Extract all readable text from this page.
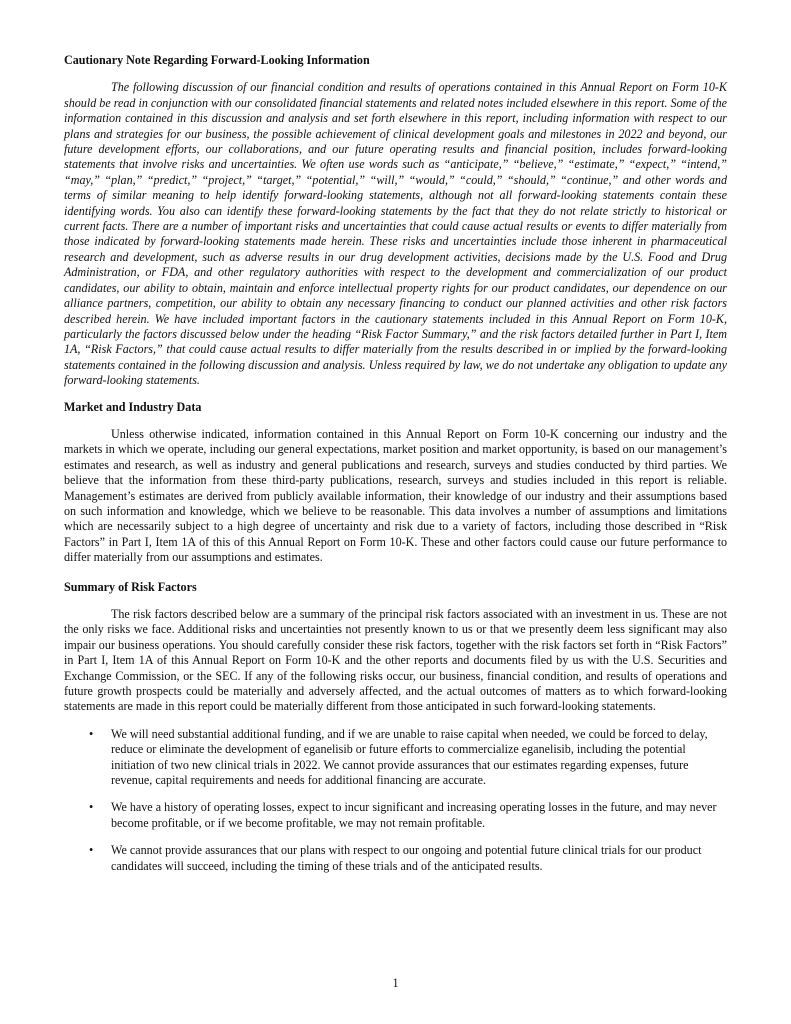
Cautionary Note Regarding Forward-Looking Information

The following discussion of our financial condition and results of operations contained in this Annual Report on Form 10-K should be read in conjunction with our consolidated financial statements and related notes included elsewhere in this report. Some of the information contained in this discussion and analysis and set forth elsewhere in this report, including information with respect to our plans and strategies for our business, the possible achievement of clinical development goals and milestones in 2022 and beyond, our future development efforts, our collaborations, and our future operating results and financial position, includes forward-looking statements that involve risks and uncertainties. We often use words such as “anticipate,” “believe,” “estimate,” “expect,” “intend,” “may,” “plan,” “predict,” “project,” “target,” “potential,” “will,” “would,” “could,” “should,” “continue,” and other words and terms of similar meaning to help identify forward-looking statements, although not all forward-looking statements contain these identifying words. You also can identify these forward-looking statements by the fact that they do not relate strictly to historical or current facts. There are a number of important risks and uncertainties that could cause actual results or events to differ materially from those indicated by forward-looking statements made herein. These risks and uncertainties include those inherent in pharmaceutical research and development, such as adverse results in our drug development activities, decisions made by the U.S. Food and Drug Administration, or FDA, and other regulatory authorities with respect to the development and commercialization of our product candidates, our ability to obtain, maintain and enforce intellectual property rights for our product candidates, our dependence on our alliance partners, competition, our ability to obtain any necessary financing to conduct our planned activities and other risk factors described herein. We have included important factors in the cautionary statements included in this Annual Report on Form 10-K, particularly the factors discussed below under the heading “Risk Factor Summary,” and the risk factors detailed further in Part I, Item 1A, “Risk Factors,” that could cause actual results to differ materially from the results described in or implied by the forward-looking statements contained in the following discussion and analysis. Unless required by law, we do not undertake any obligation to update any forward-looking statements.

Market and Industry Data

Unless otherwise indicated, information contained in this Annual Report on Form 10-K concerning our industry and the markets in which we operate, including our general expectations, market position and market opportunity, is based on our management’s estimates and research, as well as industry and general publications and research, surveys and studies conducted by third parties. We believe that the information from these third-party publications, research, surveys and studies included in this report is reliable. Management’s estimates are derived from publicly available information, their knowledge of our industry and their assumptions based on such information and knowledge, which we believe to be reasonable. This data involves a number of assumptions and limitations which are necessarily subject to a high degree of uncertainty and risk due to a variety of factors, including those described in “Risk Factors” in Part I, Item 1A of this of this Annual Report on Form 10-K. These and other factors could cause our future performance to differ materially from our assumptions and estimates.

Summary of Risk Factors

The risk factors described below are a summary of the principal risk factors associated with an investment in us. These are not the only risks we face. Additional risks and uncertainties not presently known to us or that we presently deem less significant may also impair our business operations. You should carefully consider these risk factors, together with the risk factors set forth in “Risk Factors” in Part I, Item 1A of this Annual Report on Form 10-K and the other reports and documents filed by us with the U.S. Securities and Exchange Commission, or the SEC. If any of the following risks occur, our business, financial condition, and results of operations and future growth prospects could be materially and adversely affected, and the actual outcomes of matters as to which forward-looking statements are made in this report could be materially different from those anticipated in such forward-looking statements.

• We will need substantial additional funding, and if we are unable to raise capital when needed, we could be forced to delay, reduce or eliminate the development of eganelisib or future efforts to commercialize eganelisib, including the potential initiation of two new clinical trials in 2022. We cannot provide assurances that our estimates regarding expenses, future revenue, capital requirements and needs for additional financing are accurate.
• We have a history of operating losses, expect to incur significant and increasing operating losses in the future, and may never become profitable, or if we become profitable, we may not remain profitable.
• We cannot provide assurances that our plans with respect to our ongoing and potential future clinical trials for our product candidates will succeed, including the timing of these trials and of the anticipated results.
1
